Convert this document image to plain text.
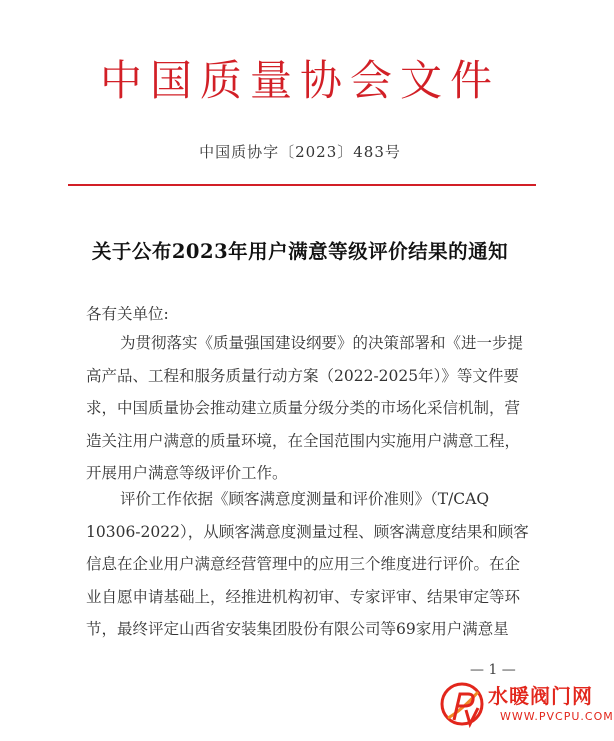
中国质量协会文件
中国质协字〔2023〕483号
关于公布2023年用户满意等级评价结果的通知
各有关单位:
为贯彻落实《质量强国建设纲要》的决策部署和《进一步提
高产品、工程和服务质量行动方案（2022-2025年）》等文件要
求，中国质量协会推动建立质量分级分类的市场化采信机制，营
造关注用户满意的质量环境，在全国范围内实施用户满意工程，
开展用户满意等级评价工作。
评价工作依据《顾客满意度测量和评价准则》（T/CAQ
10306-2022），从顾客满意度测量过程、顾客满意度结果和顾客
信息在企业用户满意经营管理中的应用三个维度进行评价。在企
业自愿申请基础上，经推进机构初审、专家评审、结果审定等环
节，最终评定山西省安装集团股份有限公司等69家用户满意星
— 1 —
水暖阀门网
WWW.PVCPU.COM
